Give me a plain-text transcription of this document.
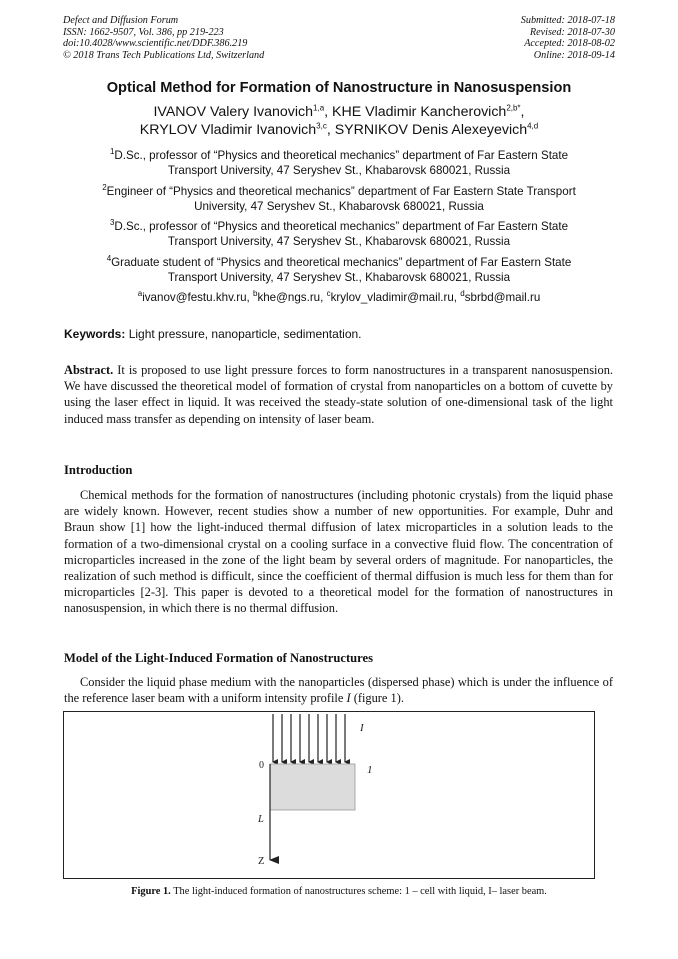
Defect and Diffusion Forum
ISSN: 1662-9507, Vol. 386, pp 219-223
doi:10.4028/www.scientific.net/DDF.386.219
© 2018 Trans Tech Publications Ltd, Switzerland
Submitted: 2018-07-18
Revised: 2018-07-30
Accepted: 2018-08-02
Online: 2018-09-14
Optical Method for Formation of Nanostructure in Nanosuspension
IVANOV Valery Ivanovich$^{1,a}$, KHE Vladimir Kancherovich$^{2,b*}$,
KRYLOV Vladimir Ivanovich$^{3,c}$, SYRNIKOV Denis Alexeyevich$^{4,d}$
$^1$D.Sc., professor of “Physics and theoretical mechanics” department of Far Eastern State
Transport University, 47 Seryshev St., Khabarovsk 680021, Russia
$^2$Engineer of “Physics and theoretical mechanics” department of Far Eastern State Transport
University, 47 Seryshev St., Khabarovsk 680021, Russia
$^3$D.Sc., professor of “Physics and theoretical mechanics” department of Far Eastern State
Transport University, 47 Seryshev St., Khabarovsk 680021, Russia
$^4$Graduate student of “Physics and theoretical mechanics” department of Far Eastern State
Transport University, 47 Seryshev St., Khabarovsk 680021, Russia
$^a$ivanov@festu.khv.ru, $^b$khe@ngs.ru, $^c$krylov_vladimir@mail.ru, $^d$sbrbd@mail.ru
Keywords: Light pressure, nanoparticle, sedimentation.
Abstract. It is proposed to use light pressure forces to form nanostructures in a transparent nanosuspension. We have discussed the theoretical model of formation of crystal from nanoparticles on a bottom of cuvette by using the laser effect in liquid. It was received the steady-state solution of one-dimensional task of the light induced mass transfer as depending on intensity of laser beam.
Introduction
Chemical methods for the formation of nanostructures (including photonic crystals) from the liquid phase are widely known. However, recent studies show a number of new opportunities. For example, Duhr and Braun show [1] how the light-induced thermal diffusion of latex microparticles in a solution leads to the formation of a two-dimensional crystal on a cooling surface in a convective fluid flow. The concentration of microparticles increased in the zone of the light beam by several orders of magnitude. For nanoparticles, the realization of such method is difficult, since the coefficient of thermal diffusion is much less for them than for microparticles [2-3]. This paper is devoted to a theoretical model for the formation of nanostructures in nanosuspension, in which there is no thermal diffusion.
Model of the Light-Induced Formation of Nanostructures
Consider the liquid phase medium with the nanoparticles (dispersed phase) which is under the influence of the reference laser beam with a uniform intensity profile I (figure 1).
I
1
0
L
Z
Figure 1. The light-induced formation of nanostructures scheme: 1 – cell with liquid, I– laser beam.
